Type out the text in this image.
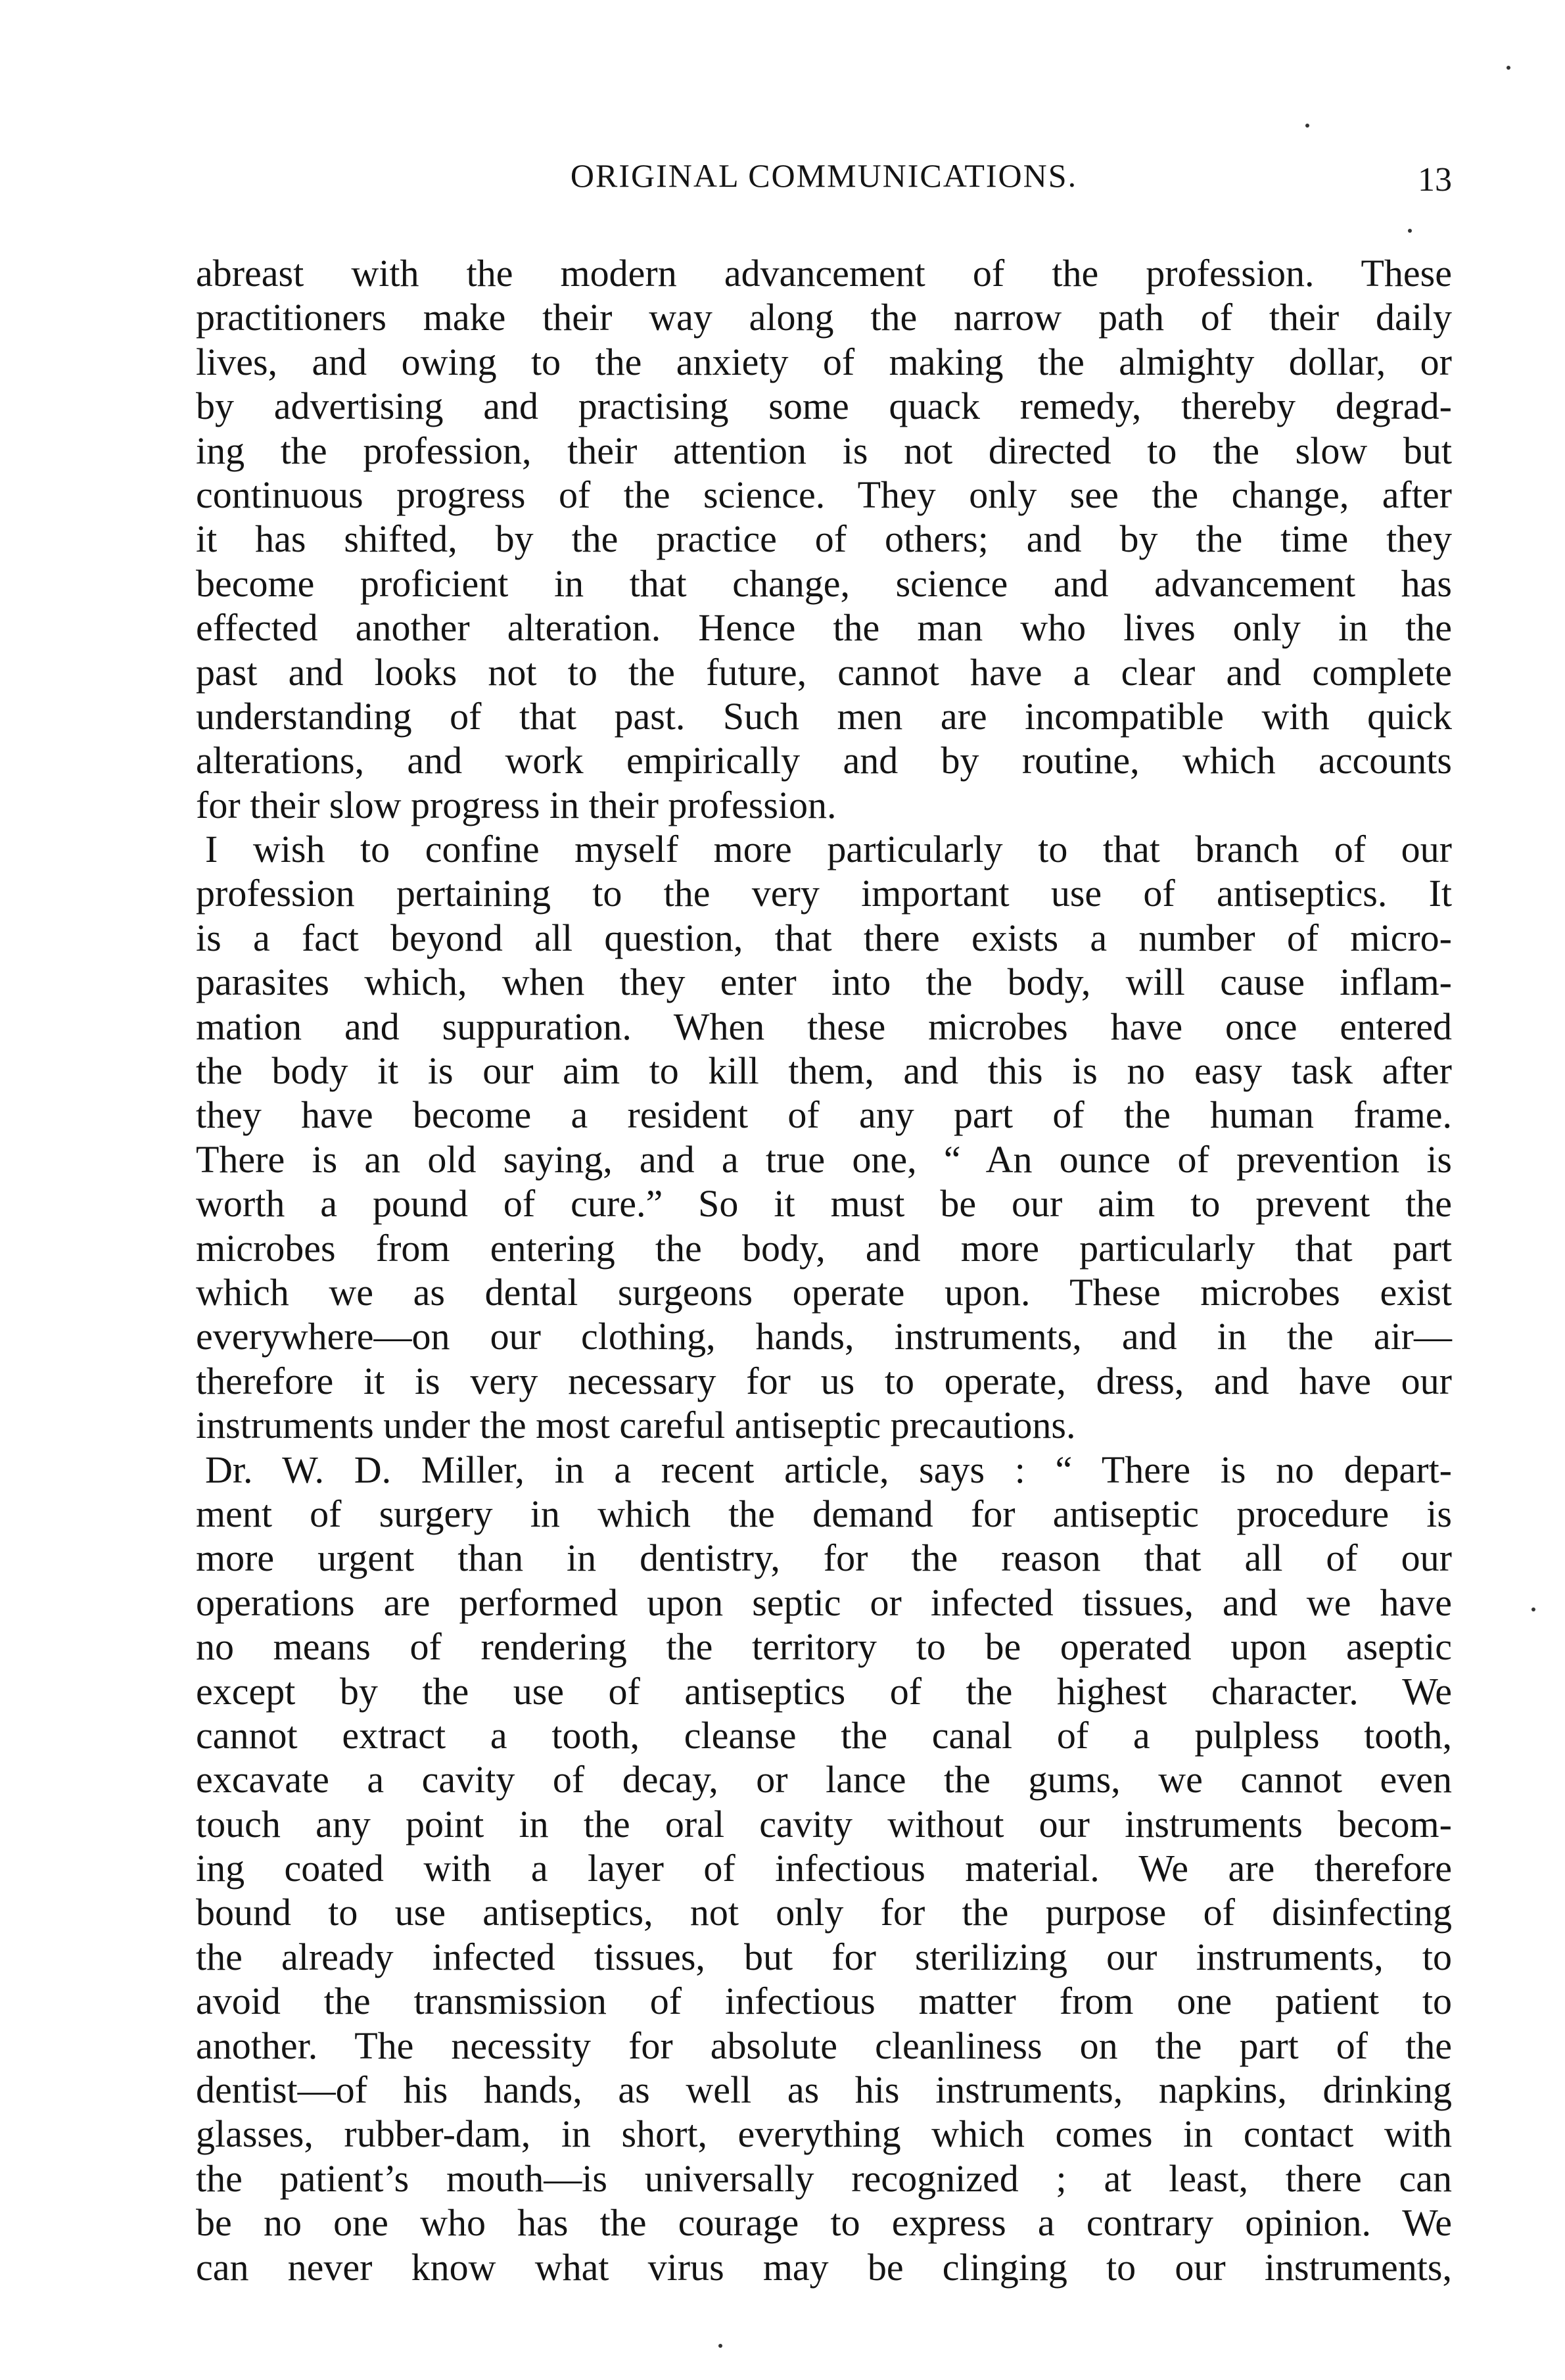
ORIGINAL COMMUNICATIONS.	13
abreast with the modern advancement of the profession. These
practitioners make their way along the narrow path of their daily
lives, and owing to the anxiety of making the almighty dollar, or
by advertising and practising some quack remedy, thereby degrad-
ing the profession, their attention is not directed to the slow but
continuous progress of the science. They only see the change, after
it has shifted, by the practice of others; and by the time they
become proficient in that change, science and advancement has
effected another alteration. Hence the man who lives only in the
past and looks not to the future, cannot have a clear and complete
understanding of that past. Such men are incompatible with quick
alterations, and work empirically and by routine, which accounts
for their slow progress in their profession.
I wish to confine myself more particularly to that branch of our
profession pertaining to the very important use of antiseptics. It
is a fact beyond all question, that there exists a number of micro-
parasites which, when they enter into the body, will cause inflam-
mation and suppuration. When these microbes have once entered
the body it is our aim to kill them, and this is no easy task after
they have become a resident of any part of the human frame.
There is an old saying, and a true one, “ An ounce of prevention is
worth a pound of cure.” So it must be our aim to prevent the
microbes from entering the body, and more particularly that part
which we as dental surgeons operate upon. These microbes exist
everywhere—on our clothing, hands, instruments, and in the air—
therefore it is very necessary for us to operate, dress, and have our
instruments under the most careful antiseptic precautions.
Dr. W. D. Miller, in a recent article, says : “ There is no depart-
ment of surgery in which the demand for antiseptic procedure is
more urgent than in dentistry, for the reason that all of our
operations are performed upon septic or infected tissues, and we have
no means of rendering the territory to be operated upon aseptic
except by the use of antiseptics of the highest character. We
cannot extract a tooth, cleanse the canal of a pulpless tooth,
excavate a cavity of decay, or lance the gums, we cannot even
touch any point in the oral cavity without our instruments becom-
ing coated with a layer of infectious material. We are therefore
bound to use antiseptics, not only for the purpose of disinfecting
the already infected tissues, but for sterilizing our instruments, to
avoid the transmission of infectious matter from one patient to
another. The necessity for absolute cleanliness on the part of the
dentist—of his hands, as well as his instruments, napkins, drinking
glasses, rubber-dam, in short, everything which comes in contact with
the patient’s mouth—is universally recognized ; at least, there can
be no one who has the courage to express a contrary opinion. We
can never know what virus may be clinging to our instruments,
